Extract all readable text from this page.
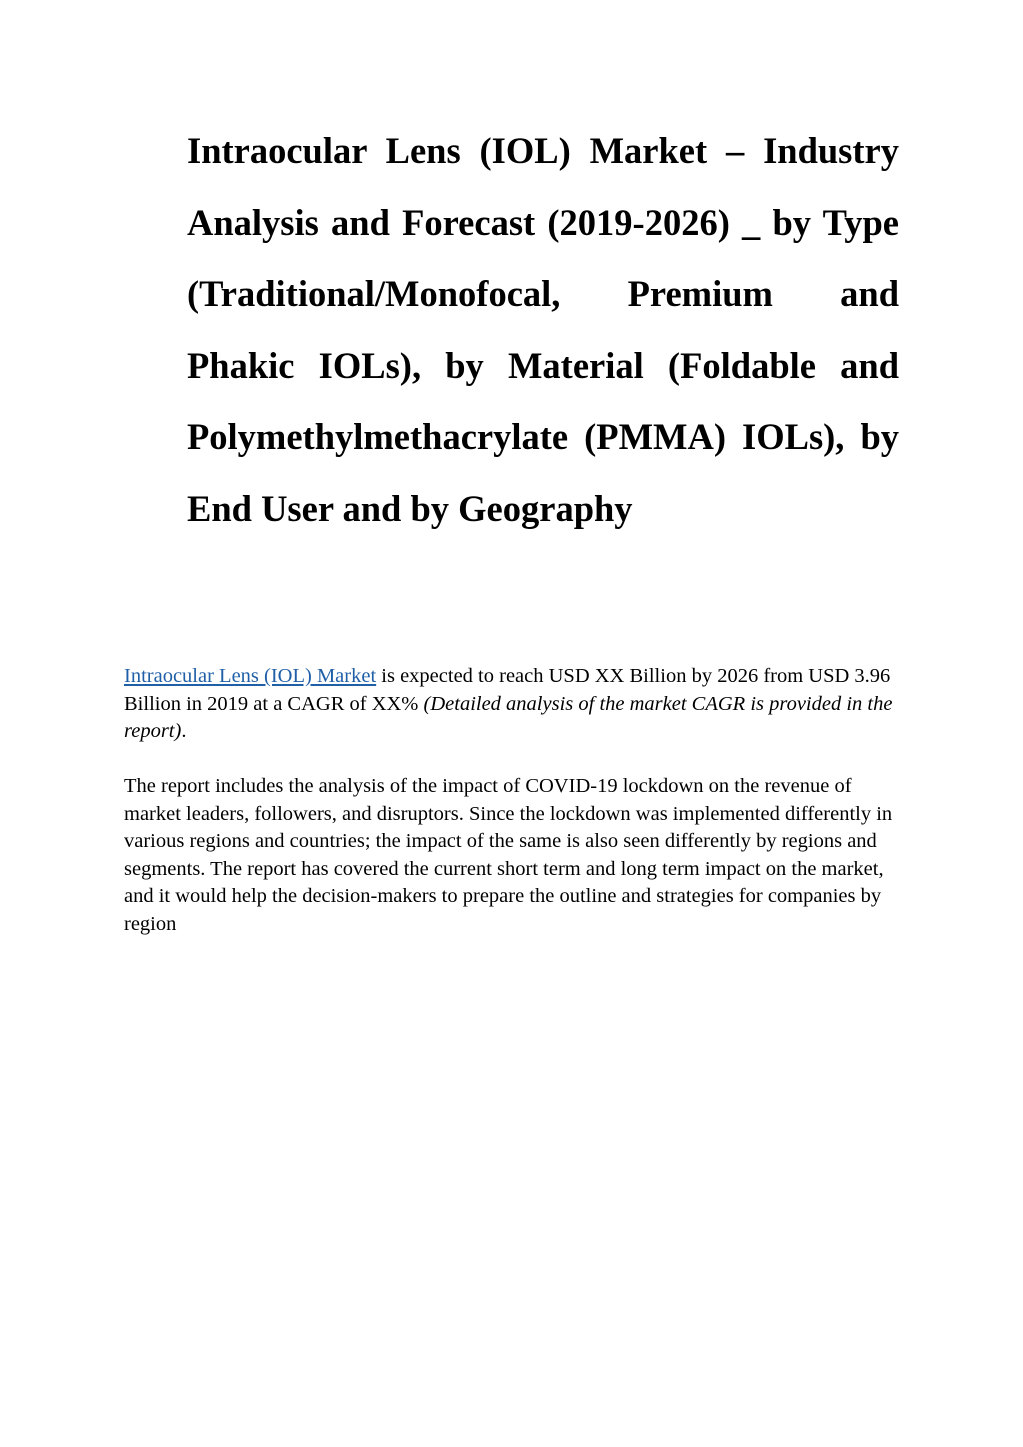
Intraocular Lens (IOL) Market – Industry Analysis and Forecast (2019-2026) _ by Type (Traditional/Monofocal, Premium and Phakic IOLs), by Material (Foldable and Polymethylmethacrylate (PMMA) IOLs), by End User and by Geography

Intraocular Lens (IOL) Market is expected to reach USD XX Billion by 2026 from USD 3.96 Billion in 2019 at a CAGR of XX% (Detailed analysis of the market CAGR is provided in the report).

The report includes the analysis of the impact of COVID-19 lockdown on the revenue of market leaders, followers, and disruptors. Since the lockdown was implemented differently in various regions and countries; the impact of the same is also seen differently by regions and segments. The report has covered the current short term and long term impact on the market, and it would help the decision-makers to prepare the outline and strategies for companies by region
